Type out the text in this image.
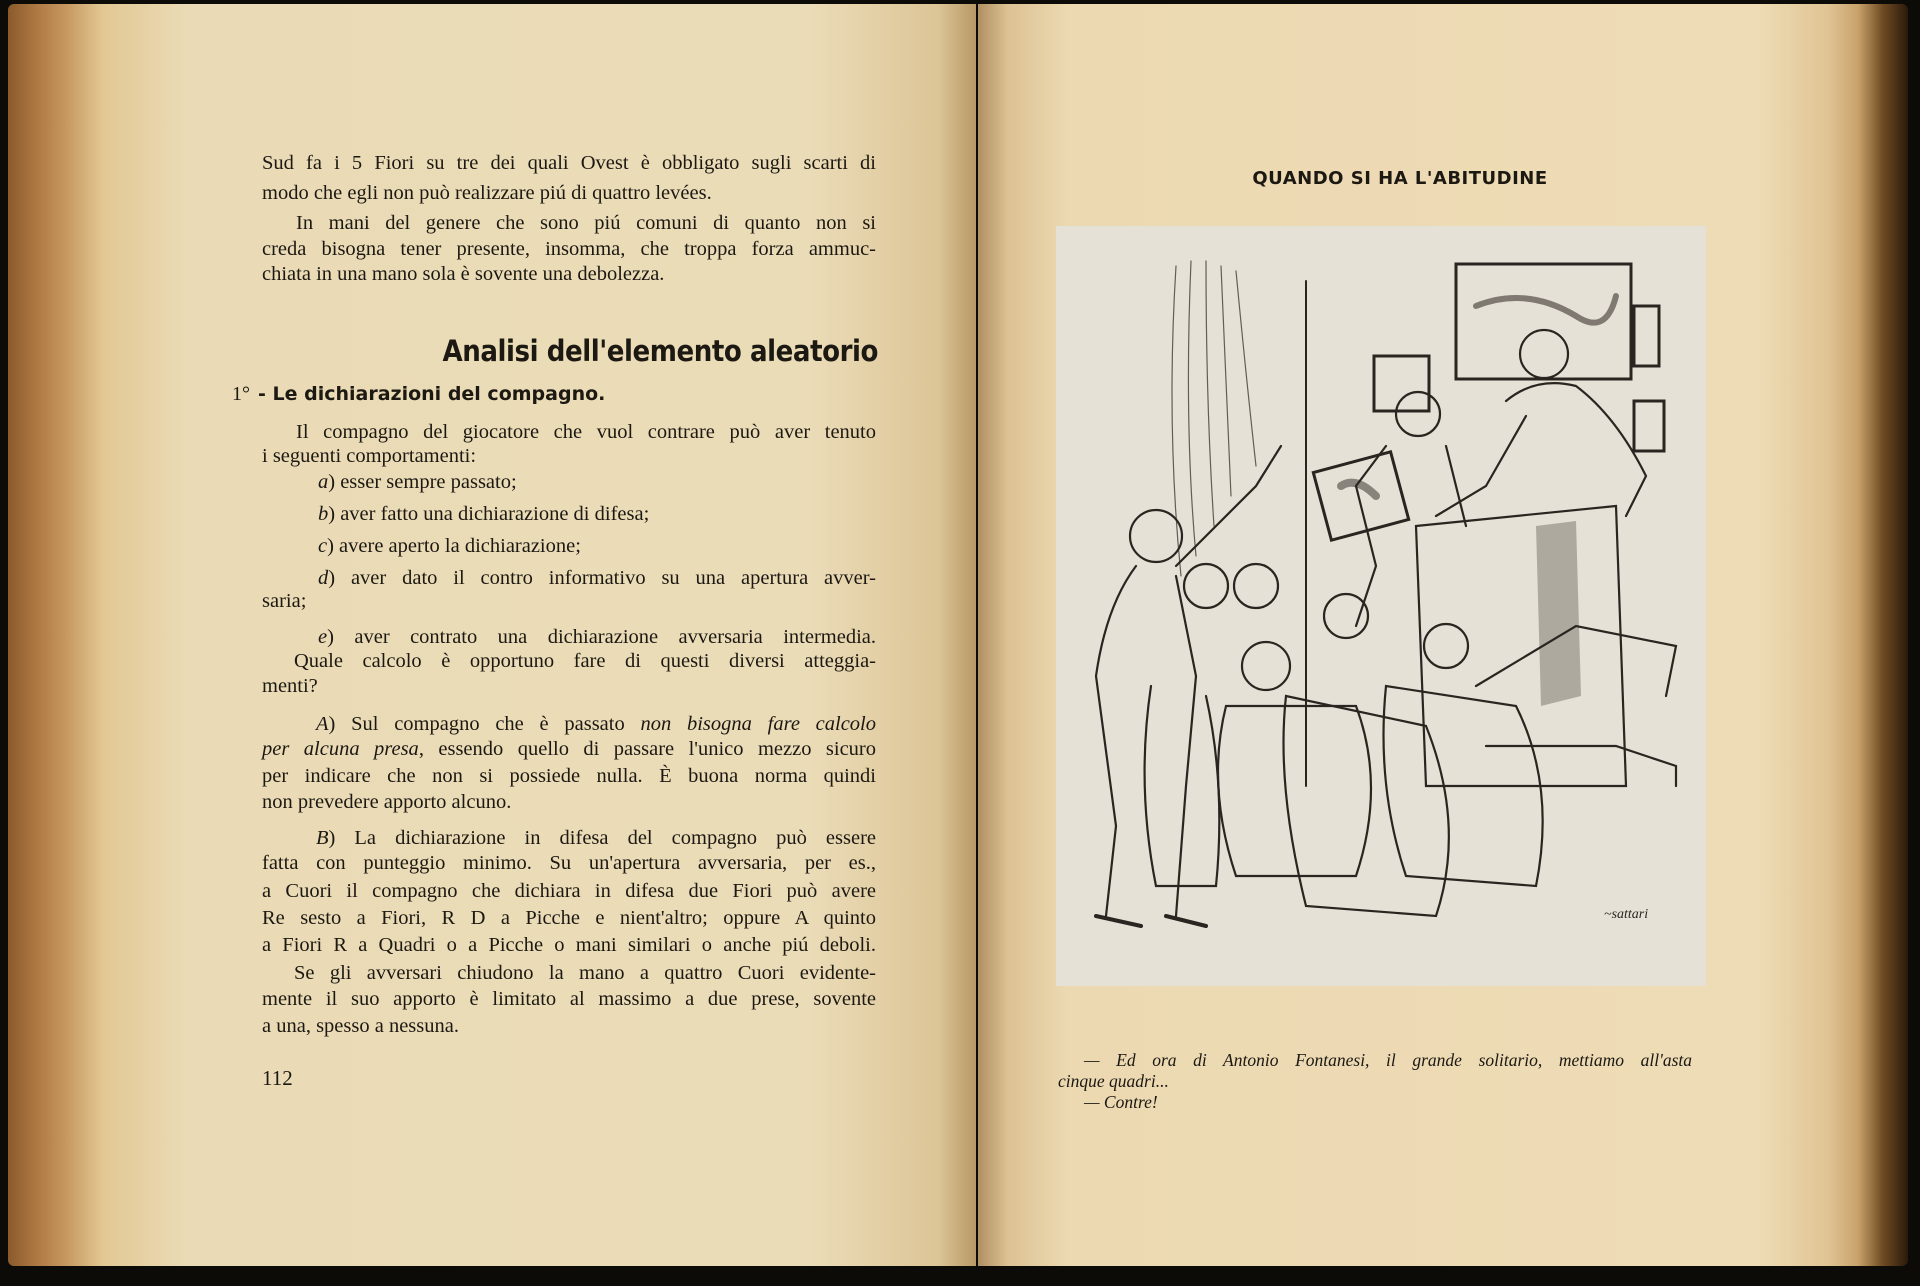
Sud fa i 5 Fiori su tre dei quali Ovest è obbligato sugli scarti di
modo che egli non può realizzare piú di quattro levées.
In mani del genere che sono piú comuni di quanto non si
creda bisogna tener presente, insomma, che troppa forza ammuc-
chiata in una mano sola è sovente una debolezza.
Il compagno del giocatore che vuol contrare può aver tenuto
i seguenti comportamenti:
a) esser sempre passato;
b) aver fatto una dichiarazione di difesa;
c) avere aperto la dichiarazione;
d) aver dato il contro informativo su una apertura avver-
saria;
e) aver contrato una dichiarazione avversaria intermedia.
Quale calcolo è opportuno fare di questi diversi atteggia-
menti?
A) Sul compagno che è passato non bisogna fare calcolo
per alcuna presa, essendo quello di passare l'unico mezzo sicuro
per indicare che non si possiede nulla. È buona norma quindi
non prevedere apporto alcuno.
B) La dichiarazione in difesa del compagno può essere
fatta con punteggio minimo. Su un'apertura avversaria, per es.,
a Cuori il compagno che dichiara in difesa due Fiori può avere
Re sesto a Fiori, R D a Picche e nient'altro; oppure A quinto
a Fiori R a Quadri o a Picche o mani similari o anche piú deboli.
Se gli avversari chiudono la mano a quattro Cuori evidente-
mente il suo apporto è limitato al massimo a due prese, sovente
a una, spesso a nessuna.
Analisi dell'elemento aleatorio
1° - Le dichiarazioni del compagno.
112
QUANDO SI HA L'ABITUDINE
~sattari
— Ed ora di Antonio Fontanesi, il grande solitario, mettiamo all'asta
cinque quadri...
— Contre!
